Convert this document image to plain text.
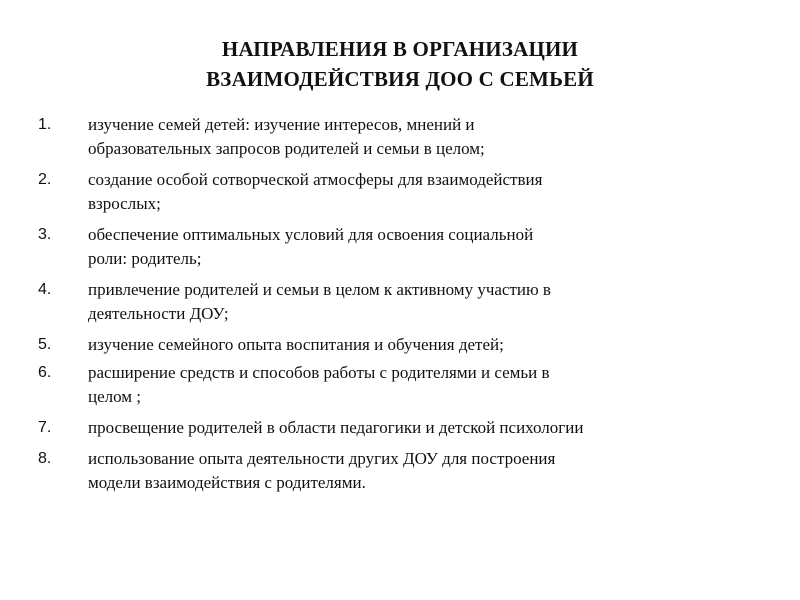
НАПРАВЛЕНИЯ В ОРГАНИЗАЦИИ
ВЗАИМОДЕЙСТВИЯ ДОО С СЕМЬЕЙ
1. изучение семей детей: изучение интересов, мнений и
образовательных запросов родителей и семьи в целом;
2. создание особой сотворческой атмосферы для взаимодействия
взрослых;
3. обеспечение оптимальных условий для освоения социальной
роли: родитель;
4. привлечение родителей и семьи в целом к активному участию в
деятельности ДОУ;
5. изучение семейного опыта воспитания и обучения детей;
6. расширение средств и способов работы с родителями и семьи в
целом ;
7. просвещение родителей в области педагогики и детской психологии
8. использование опыта деятельности других ДОУ для построения
модели взаимодействия с родителями.
